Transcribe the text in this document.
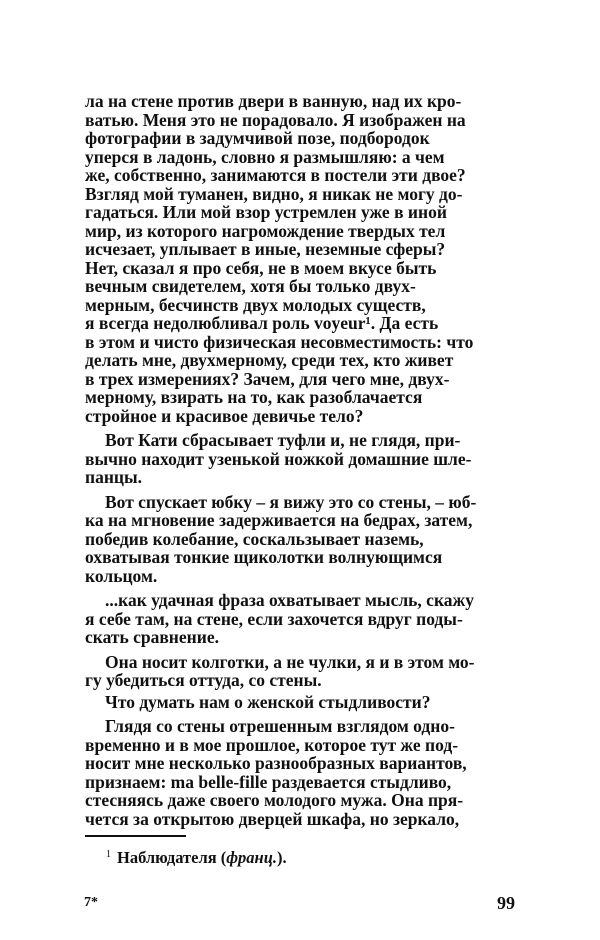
ла на стене против двери в ванную, над их кро-
ватью. Меня это не порадовало. Я изображен на
фотографии в задумчивой позе, подбородок
уперся в ладонь, словно я размышляю: а чем
же, собственно, занимаются в постели эти двое?
Взгляд мой туманен, видно, я никак не могу до-
гадаться. Или мой взор устремлен уже в иной
мир, из которого нагромождение твердых тел
исчезает, уплывает в иные, неземные сферы?
Нет, сказал я про себя, не в моем вкусе быть
вечным свидетелем, хотя бы только двух-
мерным, бесчинств двух молодых существ,
я всегда недолюбливал роль voyeur¹. Да есть
в этом и чисто физическая несовместимость: что
делать мне, двухмерному, среди тех, кто живет
в трех измерениях? Зачем, для чего мне, двух-
мерному, взирать на то, как разоблачается
стройное и красивое девичье тело?
Вот Кати сбрасывает туфли и, не глядя, при-
вычно находит узенькой ножкой домашние шле-
панцы.
Вот спускает юбку – я вижу это со стены, – юб-
ка на мгновение задерживается на бедрах, затем,
победив колебание, соскальзывает наземь,
охватывая тонкие щиколотки волнующимся
кольцом.
...как удачная фраза охватывает мысль, скажу
я себе там, на стене, если захочется вдруг поды-
скать сравнение.
Она носит колготки, а не чулки, я и в этом мо-
гу убедиться оттуда, со стены.
Что думать нам о женской стыдливости?
Глядя со стены отрешенным взглядом одно-
временно и в мое прошлое, которое тут же под-
носит мне несколько разнообразных вариантов,
признаем: ma belle-fille раздевается стыдливо,
стесняясь даже своего молодого мужа. Она пря-
чется за открытою дверцей шкафа, но зеркало,
$^1$ Наблюдателя (франц.).
7*	99
